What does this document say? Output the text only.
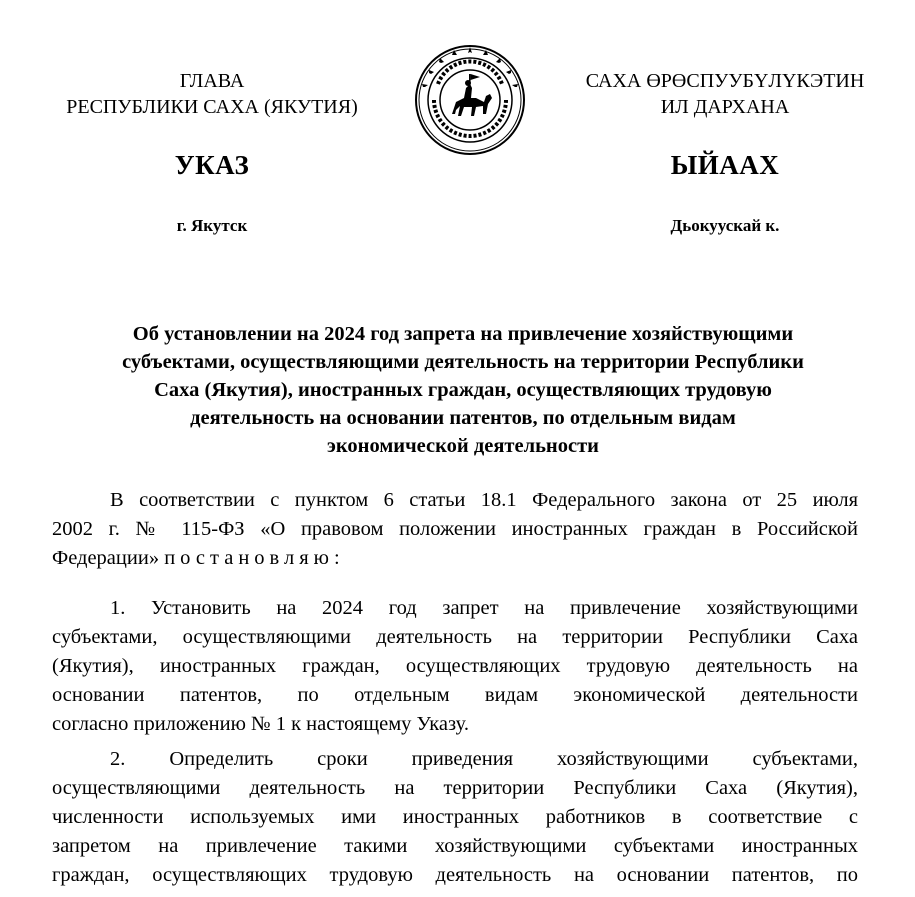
ГЛАВА
РЕСПУБЛИКИ САХА (ЯКУТИЯ)
САХА ӨРӨСПУУБҮЛҮКЭТИН
ИЛ ДАРХАНА
УКАЗ	ЫЙААХ
г. Якутск	Дьокуускай к.
Об установлении на 2024 год запрета на привлечение хозяйствующими
субъектами, осуществляющими деятельность на территории Республики
Саха (Якутия), иностранных граждан, осуществляющих трудовую
деятельность на основании патентов, по отдельным видам
экономической деятельности
В соответствии с пунктом 6 статьи 18.1 Федерального закона от 25 июля
2002 г. № 115-ФЗ «О правовом положении иностранных граждан в Российской
Федерации» постановляю:
1. Установить на 2024 год запрет на привлечение хозяйствующими
субъектами, осуществляющими деятельность на территории Республики Саха
(Якутия), иностранных граждан, осуществляющих трудовую деятельность на
основании патентов, по отдельным видам экономической деятельности
согласно приложению № 1 к настоящему Указу.
2. Определить сроки приведения хозяйствующими субъектами,
осуществляющими деятельность на территории Республики Саха (Якутия),
численности используемых ими иностранных работников в соответствие с
запретом на привлечение такими хозяйствующими субъектами иностранных
граждан, осуществляющих трудовую деятельность на основании патентов, по
